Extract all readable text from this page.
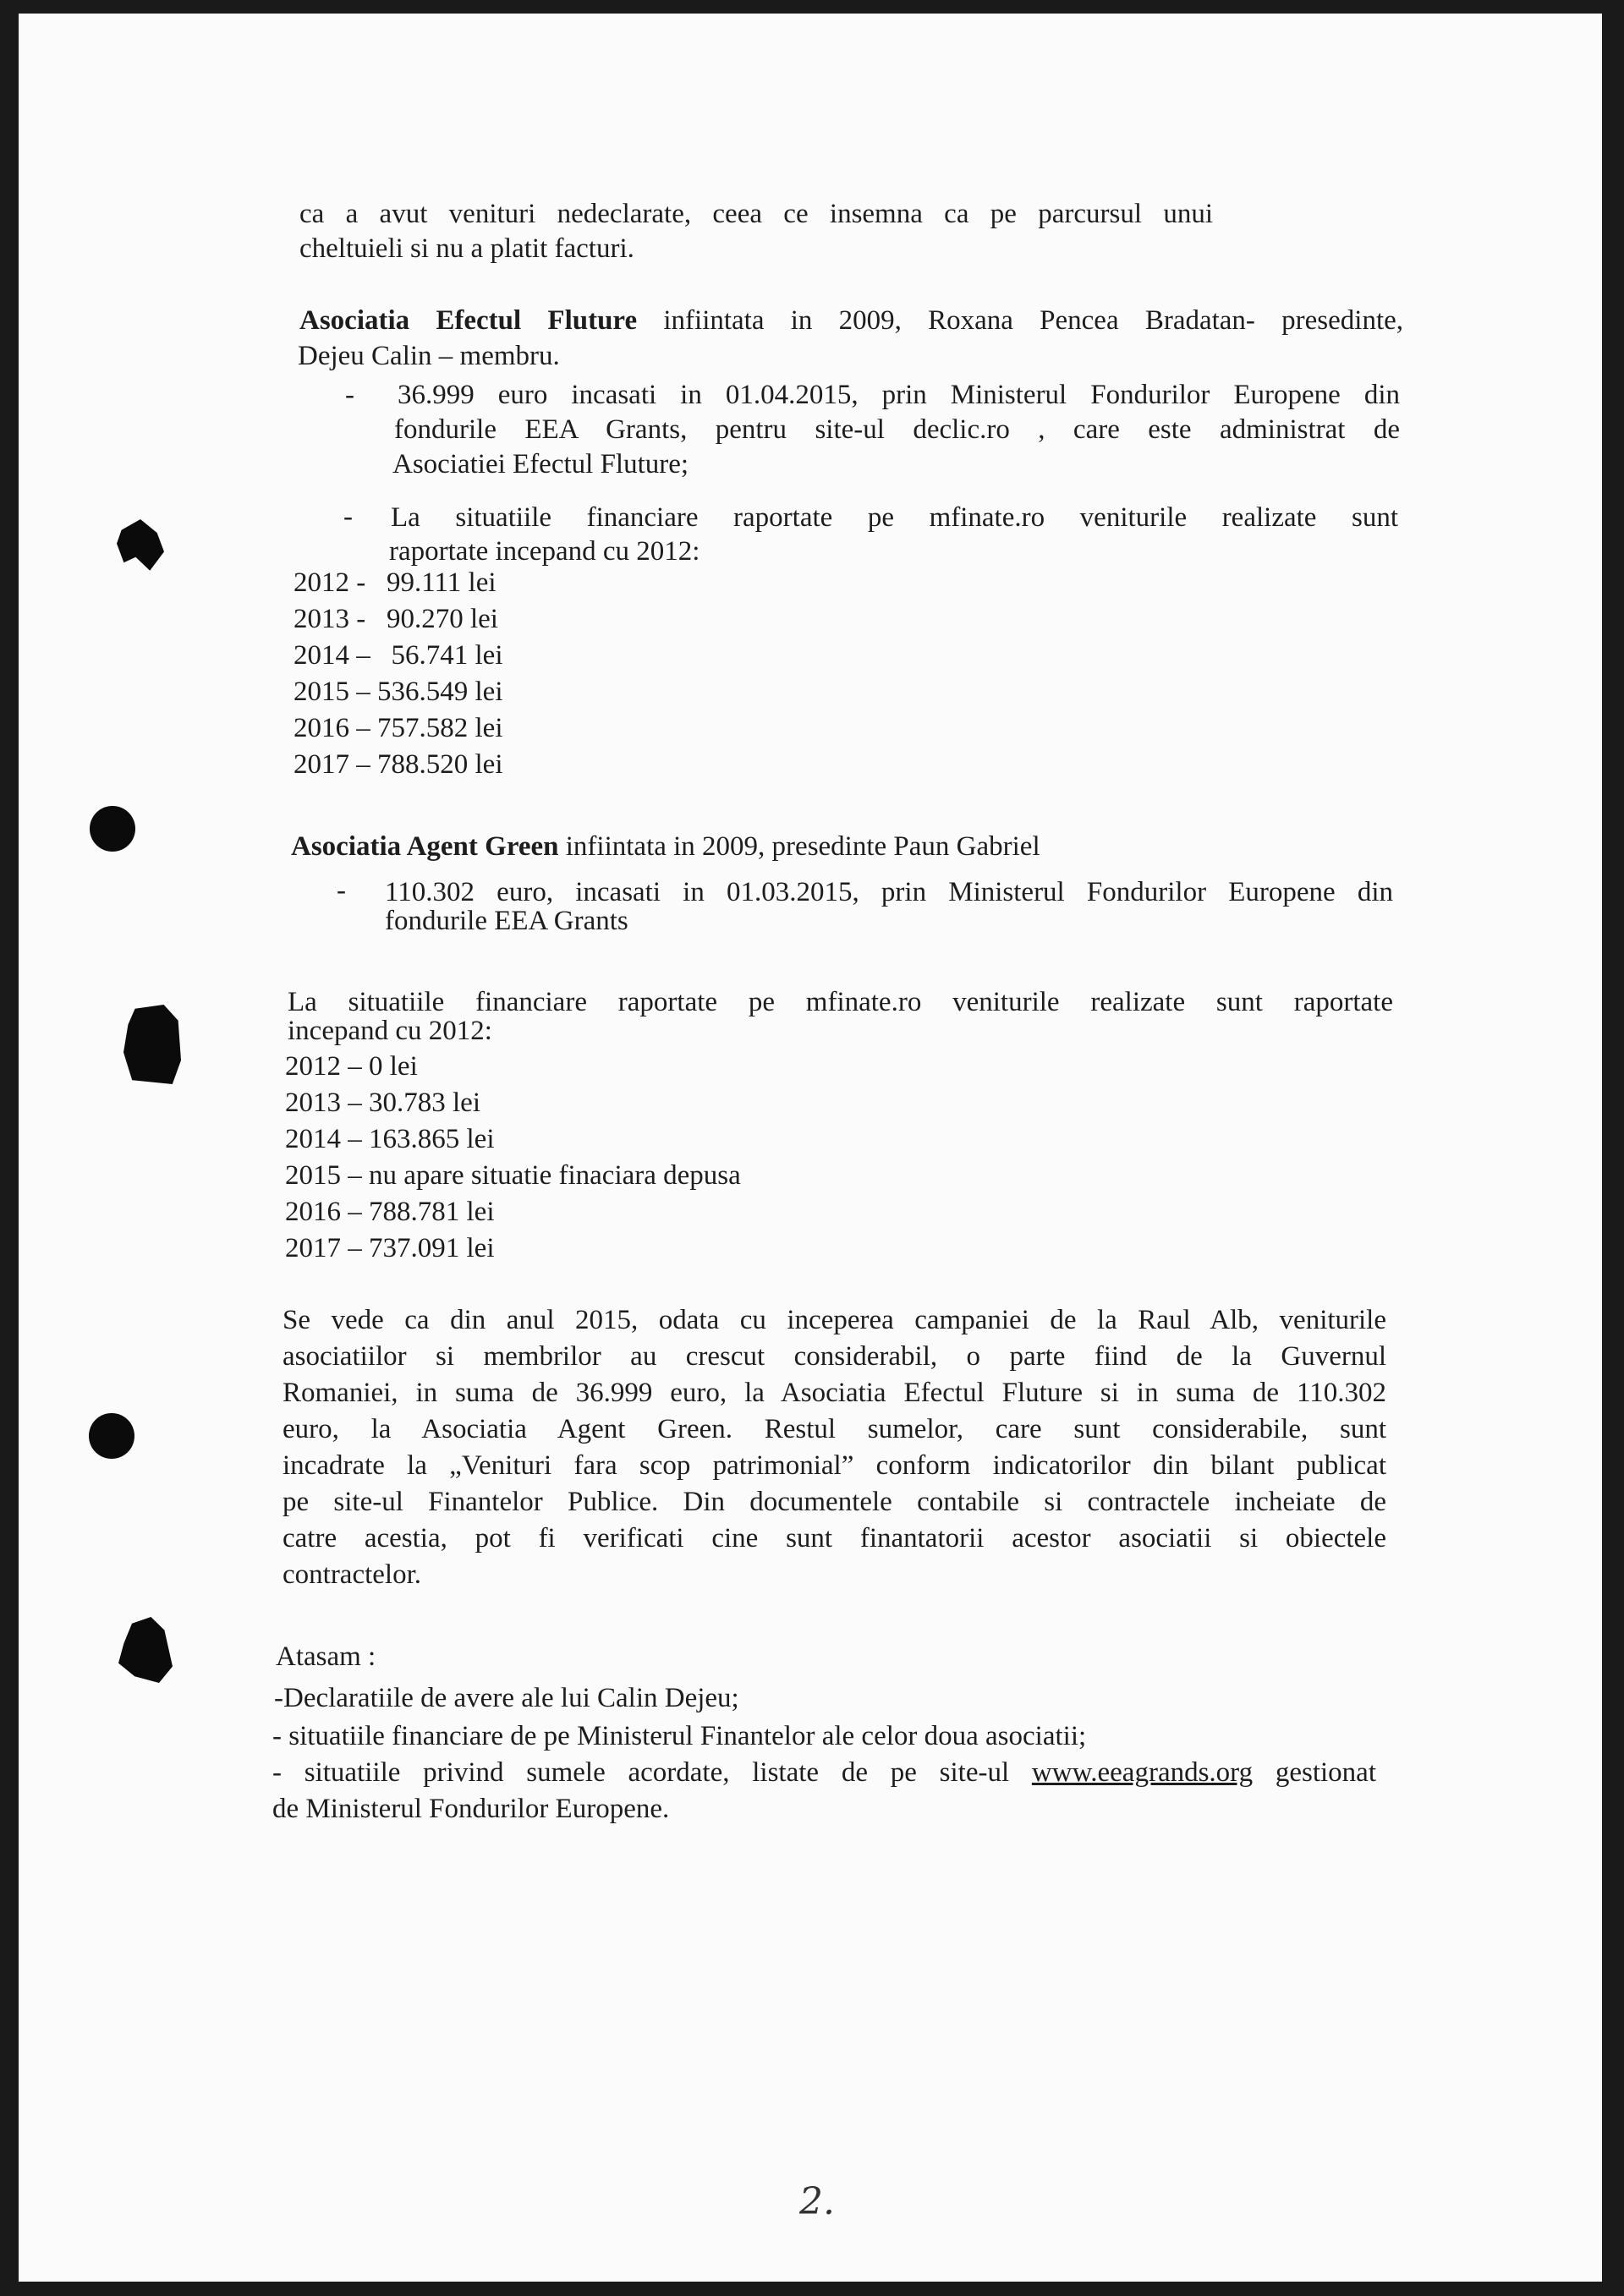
ca a avut venituri nedeclarate, ceea ce insemna ca pe parcursul unui

cheltuieli si nu a platit facturi.

Asociatia Efectul Fluture infiintata in 2009, Roxana Pencea Bradatan- presedinte,

Dejeu Calin – membru.

- 36.999 euro incasati in 01.04.2015, prin Ministerul Fondurilor Europene din

fondurile EEA Grants, pentru site-ul declic.ro , care este administrat de

Asociatiei Efectul Fluture;

- La situatiile financiare raportate pe mfinate.ro veniturile realizate sunt

raportate incepand cu 2012:

2012 -   99.111 lei
2013 -   90.270 lei
2014 –   56.741 lei
2015 – 536.549 lei
2016 – 757.582 lei
2017 – 788.520 lei

Asociatia Agent Green infiintata in 2009, presedinte Paun Gabriel

- 110.302 euro, incasati in 01.03.2015, prin Ministerul Fondurilor Europene din

fondurile EEA Grants

La situatiile financiare raportate pe mfinate.ro veniturile realizate sunt raportate

incepand cu 2012:

2012 – 0 lei
2013 – 30.783 lei
2014 – 163.865 lei
2015 – nu apare situatie finaciara depusa
2016 – 788.781 lei
2017 – 737.091 lei
Se vede ca din anul 2015, odata cu inceperea campaniei de la Raul Alb, veniturile
asociatiilor si membrilor au crescut considerabil, o parte fiind de la Guvernul
Romaniei, in suma de 36.999 euro, la Asociatia Efectul Fluture si in suma de 110.302
euro, la Asociatia Agent Green. Restul sumelor, care sunt considerabile, sunt
incadrate la „Venituri fara scop patrimonial” conform indicatorilor din bilant publicat
pe site-ul Finantelor Publice. Din documentele contabile si contractele incheiate de
catre acestia, pot fi verificati cine sunt finantatorii acestor asociatii si obiectele
contractelor.

Atasam :

-Declaratiile de avere ale lui Calin Dejeu;

- situatiile financiare de pe Ministerul Finantelor ale celor doua asociatii;

- situatiile privind sumele acordate, listate de pe site-ul www.eeagrands.org gestionat

de Ministerul Fondurilor Europene.

2.
